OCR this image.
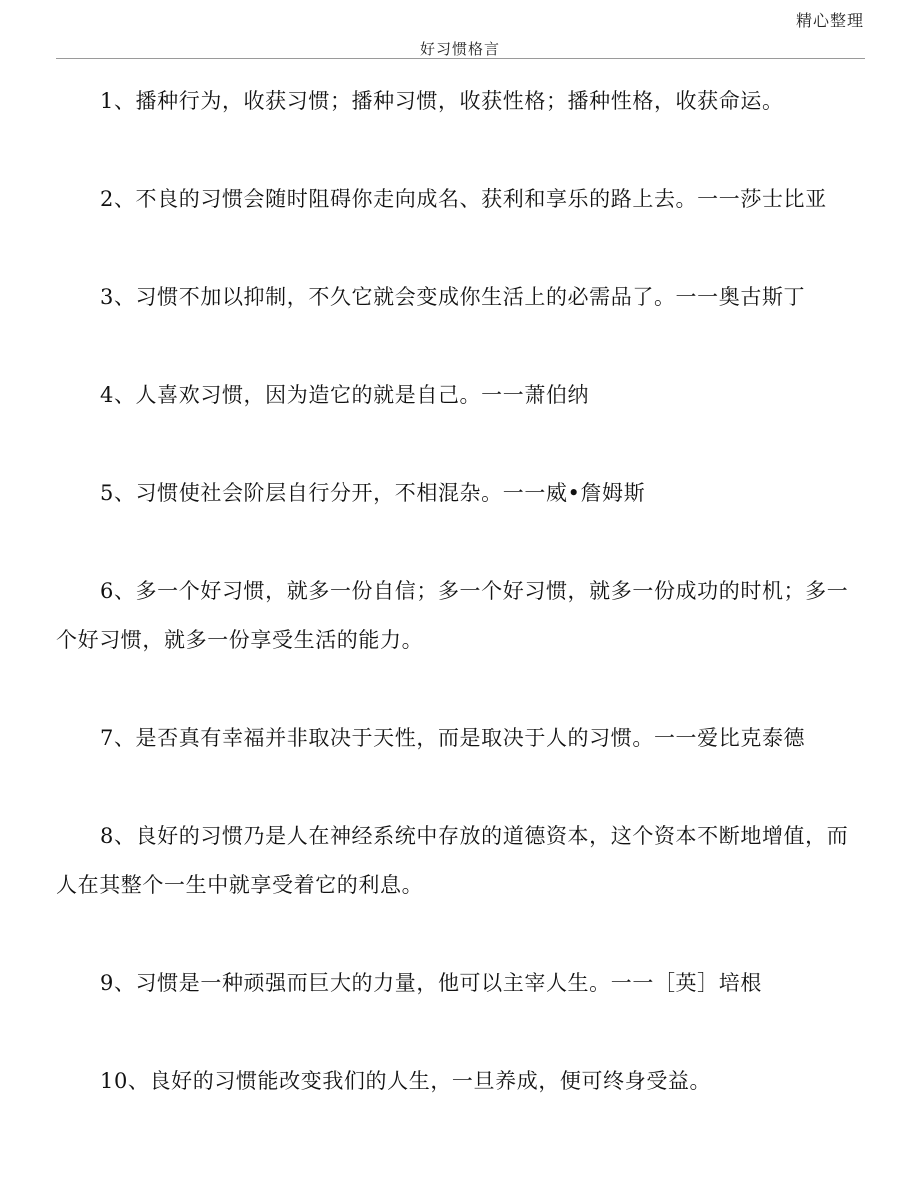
精心整理
好习惯格言

1、播种行为，收获习惯；播种习惯，收获性格；播种性格，收获命运。

2、不良的习惯会随时阻碍你走向成名、获利和享乐的路上去。一一莎士比亚

3、习惯不加以抑制，不久它就会变成你生活上的必需品了。一一奥古斯丁

4、人喜欢习惯，因为造它的就是自己。一一萧伯纳

5、习惯使社会阶层自行分开，不相混杂。一一威•詹姆斯

6、多一个好习惯，就多一份自信；多一个好习惯，就多一份成功的时机；多一个好习惯，就多一份享受生活的能力。

7、是否真有幸福并非取决于天性，而是取决于人的习惯。一一爱比克泰德

8、良好的习惯乃是人在神经系统中存放的道德资本，这个资本不断地增值，而人在其整个一生中就享受着它的利息。

9、习惯是一种顽强而巨大的力量，他可以主宰人生。一一［英］培根

10、良好的习惯能改变我们的人生，一旦养成，便可终身受益。
